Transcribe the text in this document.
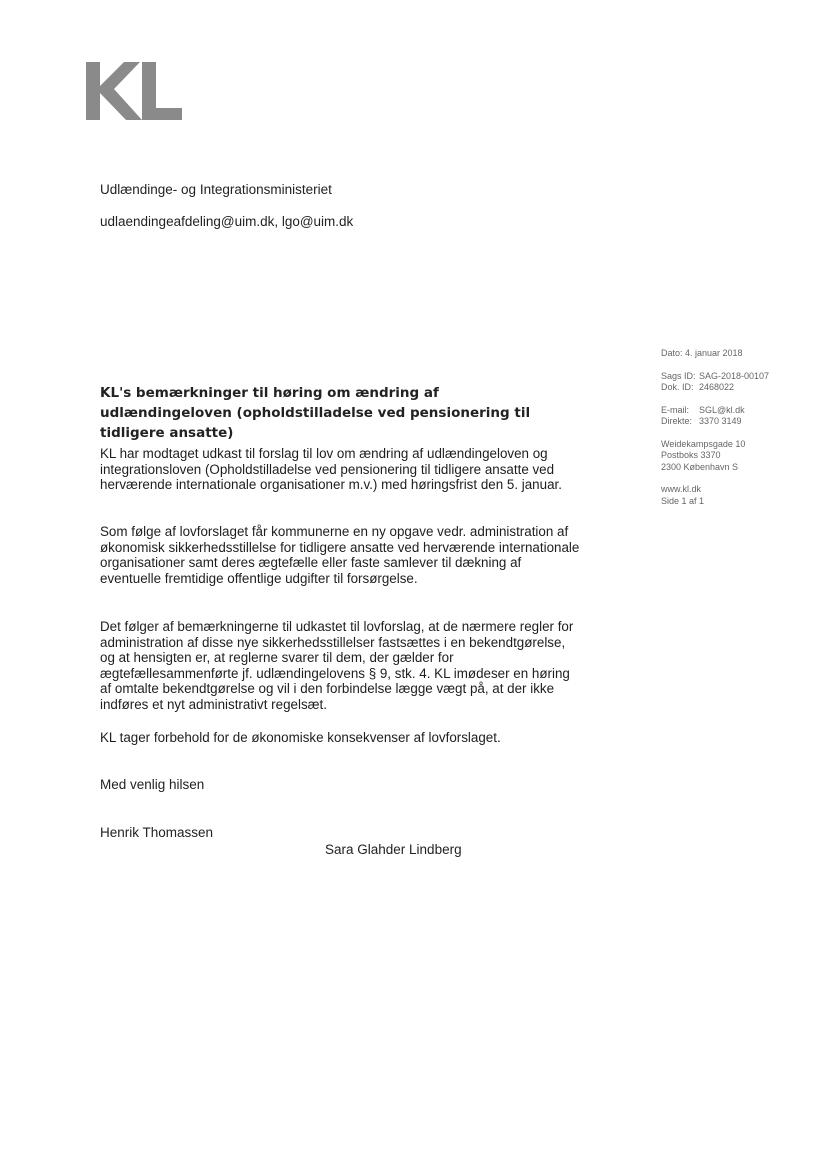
Udlændinge- og Integrationsministeriet
udlaendingeafdeling@uim.dk, lgo@uim.dk
Dato: 4. januar 2018
Sags ID: SAG-2018-00107
Dok. ID: 2468022
E-mail:	SGL@kl.dk
Direkte: 3370 3149
Weidekampsgade 10
Postboks 3370
2300 København S
www.kl.dk
Side 1 af 1
KL's bemærkninger til høring om ændring af udlændingeloven (opholdstilladelse ved pensionering til tidligere ansatte)

KL har modtaget udkast til forslag til lov om ændring af udlændingeloven og integrationsloven (Opholdstilladelse ved pensionering til tidligere ansatte ved herværende internationale organisationer m.v.) med høringsfrist den 5. januar.

Som følge af lovforslaget får kommunerne en ny opgave vedr. administration af økonomisk sikkerhedsstillelse for tidligere ansatte ved herværende internationale organisationer samt deres ægtefælle eller faste samlever til dækning af eventuelle fremtidige offentlige udgifter til forsørgelse.

Det følger af bemærkningerne til udkastet til lovforslag, at de nærmere regler for administration af disse nye sikkerhedsstillelser fastsættes i en bekendtgørelse, og at hensigten er, at reglerne svarer til dem, der gælder for ægtefællesammenførte jf. udlændingelovens § 9, stk. 4. KL imødeser en høring af omtalte bekendtgørelse og vil i den forbindelse lægge vægt på, at der ikke indføres et nyt administrativt regelsæt.

KL tager forbehold for de økonomiske konsekvenser af lovforslaget.

Med venlig hilsen
Henrik Thomassen
Sara Glahder Lindberg
